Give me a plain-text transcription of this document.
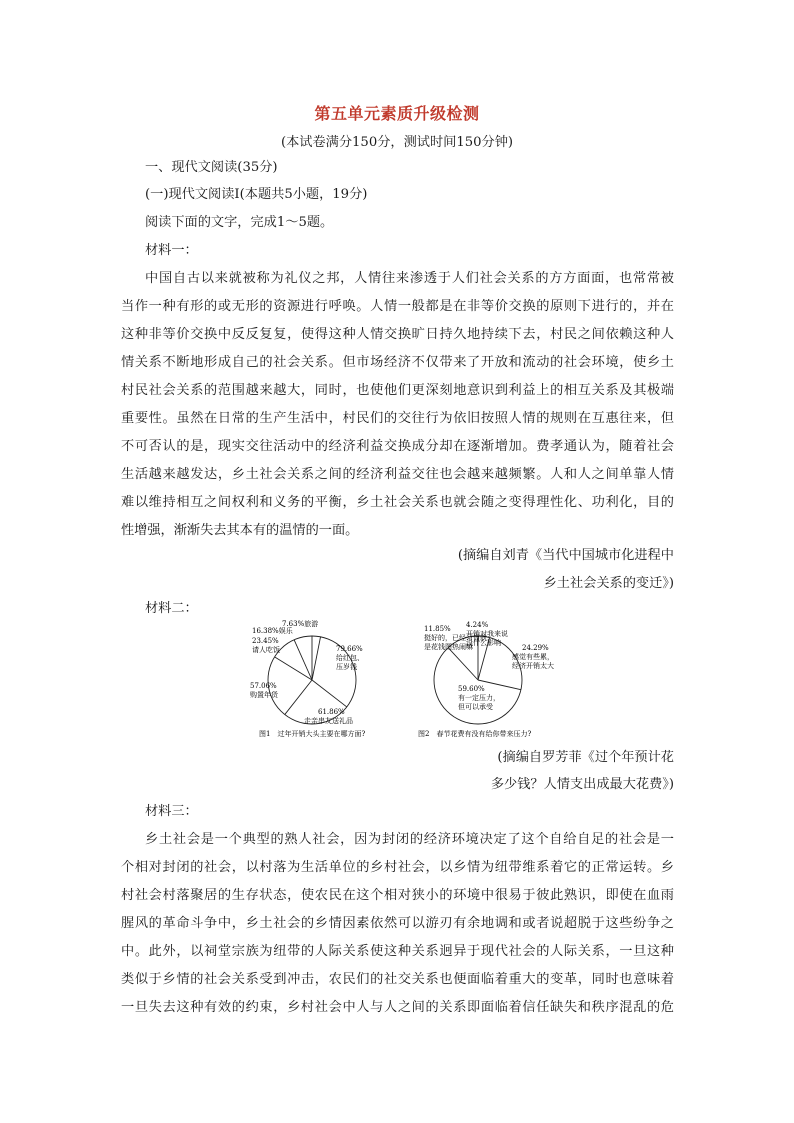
第五单元素质升级检测
(本试卷满分150分，测试时间150分钟)
一、现代文阅读(35分)
(一)现代文阅读Ⅰ(本题共5小题，19分)
阅读下面的文字，完成1～5题。
材料一：
中国自古以来就被称为礼仪之邦，人情往来渗透于人们社会关系的方方面面，也常常被
当作一种有形的或无形的资源进行呼唤。人情一般都是在非等价交换的原则下进行的，并在
这种非等价交换中反反复复，使得这种人情交换旷日持久地持续下去，村民之间依赖这种人
情关系不断地形成自己的社会关系。但市场经济不仅带来了开放和流动的社会环境，使乡土
村民社会关系的范围越来越大，同时，也使他们更深刻地意识到利益上的相互关系及其极端
重要性。虽然在日常的生产生活中，村民们的交往行为依旧按照人情的规则在互惠往来，但
不可否认的是，现实交往活动中的经济利益交换成分却在逐渐增加。费孝通认为，随着社会
生活越来越发达，乡土社会关系之间的经济利益交往也会越来越频繁。人和人之间单靠人情
难以维持相互之间权利和义务的平衡，乡土社会关系也就会随之变得理性化、功利化，目的
性增强，渐渐失去其本有的温情的一面。
(摘编自刘青《当代中国城市化进程中
乡土社会关系的变迁》)
材料二：
7.63%旅游
79.66%
给红包、
压岁钱
61.86%
走亲串友送礼品
57.06%
购置年货
23.45%
请人吃饭
16.38%娱乐
图1　过年开销大头主要在哪方面?
4.24%
开销对我来说
没什么影响
24.29%
感觉有些累，
经济开销太大
59.60%
有一定压力，
但可以承受
11.85%
挺好的，已经习惯就
是花钱图热闹嘛
图2　春节花费有没有给你带来压力?
(摘编自罗芳菲《过个年预计花
多少钱？人情支出成最大花费》)
材料三：
乡土社会是一个典型的熟人社会，因为封闭的经济环境决定了这个自给自足的社会是一
个相对封闭的社会，以村落为生活单位的乡村社会，以乡情为纽带维系着它的正常运转。乡
村社会村落聚居的生存状态，使农民在这个相对狭小的环境中很易于彼此熟识，即使在血雨
腥风的革命斗争中，乡土社会的乡情因素依然可以游刃有余地调和或者说超脱于这些纷争之
中。此外，以祠堂宗族为纽带的人际关系使这种关系迥异于现代社会的人际关系，一旦这种
类似于乡情的社会关系受到冲击，农民们的社交关系也便面临着重大的变革，同时也意味着
一旦失去这种有效的约束，乡村社会中人与人之间的关系即面临着信任缺失和秩序混乱的危
